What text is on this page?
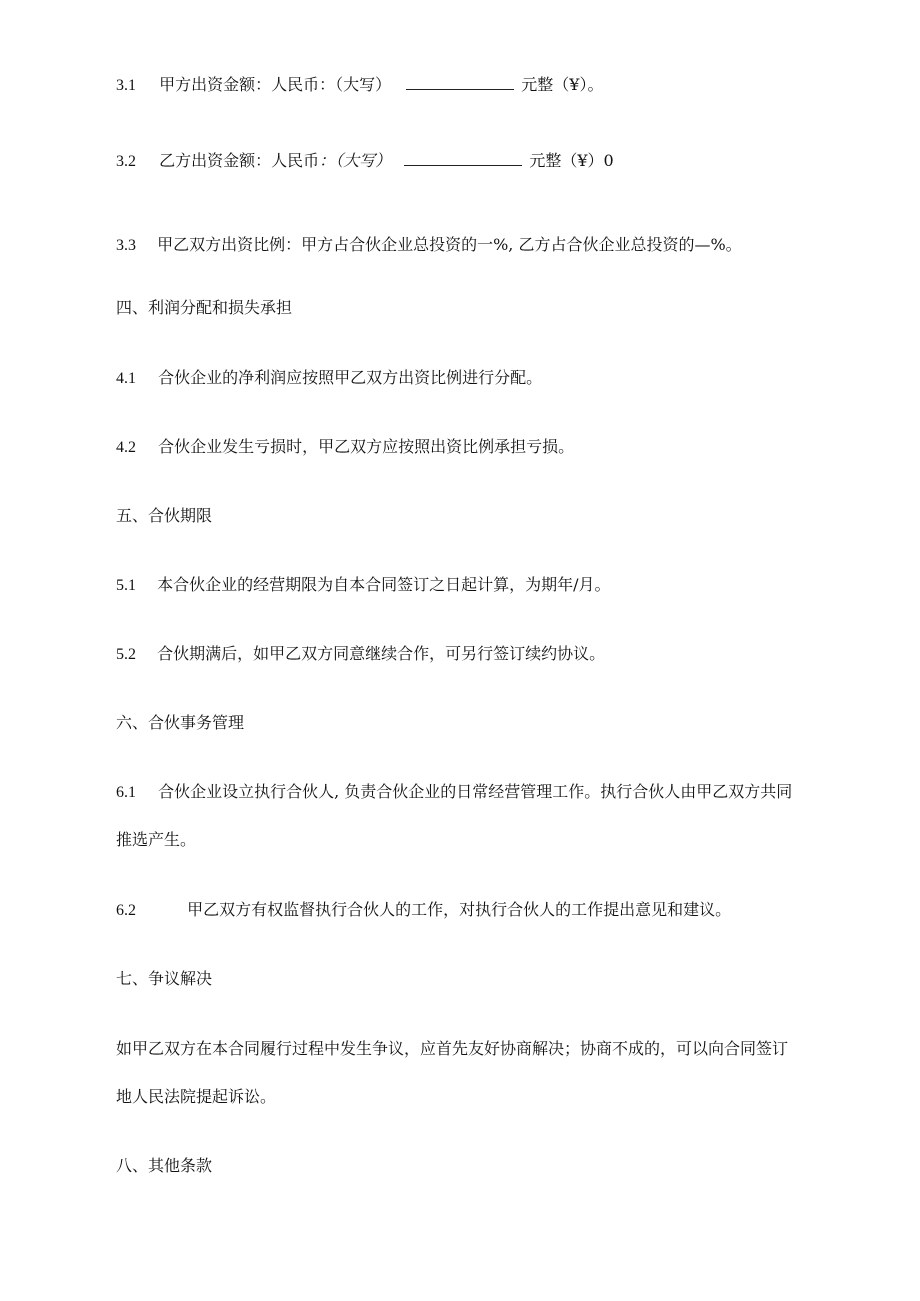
3.1 甲方出资金额：人民币：（大写）	元整（¥）。
3.2 乙方出资金额：人民币：（大写）	元整（¥）0
3.3 甲乙双方出资比例：甲方占合伙企业总投资的一%, 乙方占合伙企业总投资的—%。
四、利润分配和损失承担
4.1 合伙企业的净利润应按照甲乙双方出资比例进行分配。
4.2 合伙企业发生亏损时，甲乙双方应按照出资比例承担亏损。
五、合伙期限
5.1 本合伙企业的经营期限为自本合同签订之日起计算，为期年/月。
5.2 合伙期满后，如甲乙双方同意继续合作，可另行签订续约协议。
六、合伙事务管理
6.1 合伙企业设立执行合伙人, 负责合伙企业的日常经营管理工作。执行合伙人由甲乙双方共同
推选产生。
6.2	甲乙双方有权监督执行合伙人的工作，对执行合伙人的工作提出意见和建议。
七、争议解决
如甲乙双方在本合同履行过程中发生争议，应首先友好协商解决；协商不成的，可以向合同签订
地人民法院提起诉讼。
八、其他条款
